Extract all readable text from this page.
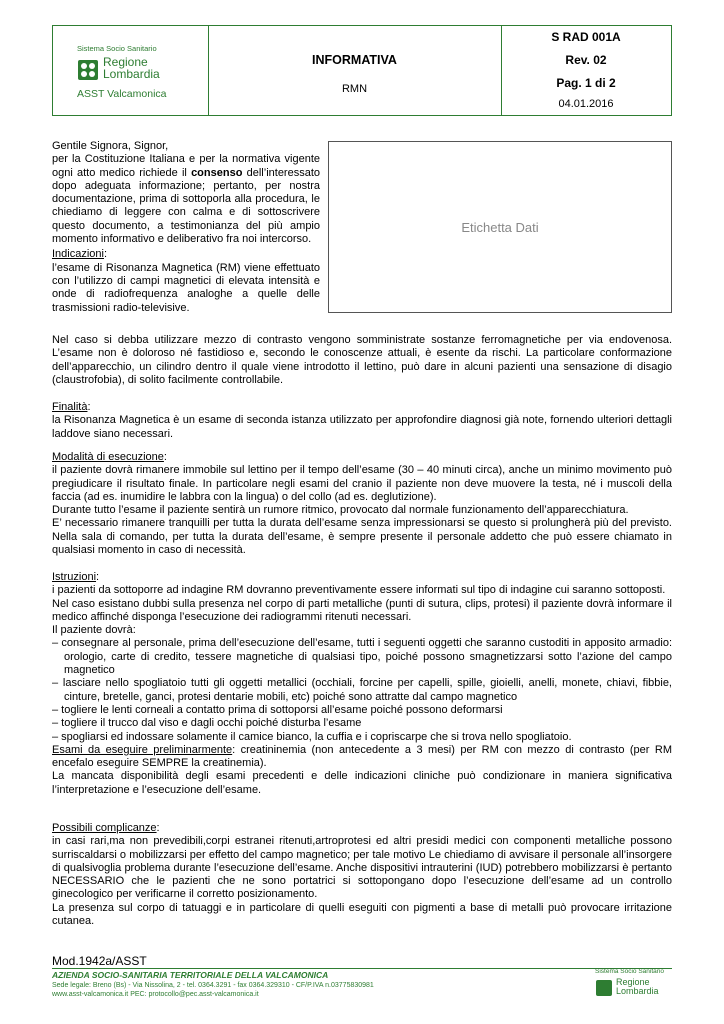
Sistema Socio Sanitario
Regione
Lombardia
ASST Valcamonica
INFORMATIVA
RMN
S RAD 001A
Rev. 02
Pag. 1 di 2
04.01.2016
Etichetta Dati

Gentile Signora, Signor,

per la Costituzione Italiana e per la normativa vigente ogni atto medico richiede il consenso dell’interessato dopo adeguata informazione; pertanto, per nostra documentazione, prima di sottoporla alla procedura, le chiediamo di leggere con calma e di sottoscrivere questo documento, a testimonianza del più ampio momento informativo e deliberativo fra noi intercorso.

Indicazioni:

l’esame di Risonanza Magnetica (RM) viene effettuato con l’utilizzo di campi magnetici di elevata intensità e onde di radiofrequenza analoghe a quelle delle trasmissioni radio-televisive.

Nel caso si debba utilizzare mezzo di contrasto vengono somministrate sostanze ferromagnetiche per via endovenosa. L’esame non è doloroso né fastidioso e, secondo le conoscenze attuali, è esente da rischi. La particolare conformazione dell’apparecchio, un cilindro dentro il quale viene introdotto il lettino, può dare in alcuni pazienti una sensazione di disagio (claustrofobia), di solito facilmente controllabile.

Finalità:

la Risonanza Magnetica è un esame di seconda istanza utilizzato per approfondire diagnosi già note, fornendo ulteriori dettagli laddove siano necessari.

Modalità di esecuzione:

il paziente dovrà rimanere immobile sul lettino per il tempo dell’esame (30 – 40 minuti circa), anche un minimo movimento può pregiudicare il risultato finale. In particolare negli esami del cranio il paziente non deve muovere la testa, né i muscoli della faccia (ad es. inumidire le labbra con la lingua) o del collo (ad es. deglutizione).

Durante tutto l’esame il paziente sentirà un rumore ritmico, provocato dal normale funzionamento dell’apparecchiatura.

E’ necessario rimanere tranquilli per tutta la durata dell’esame senza impressionarsi se questo si prolungherà più del previsto. Nella sala di comando, per tutta la durata dell’esame, è sempre presente il personale addetto che può essere chiamato in qualsiasi momento in caso di necessità.

Istruzioni:

i pazienti da sottoporre ad indagine RM dovranno preventivamente essere informati sul tipo di indagine cui saranno sottoposti.

Nel caso esistano dubbi sulla presenza nel corpo di parti metalliche (punti di sutura, clips, protesi) il paziente dovrà informare il medico affinché disponga l’esecuzione dei radiogrammi ritenuti necessari.

Il paziente dovrà:

– consegnare al personale, prima dell’esecuzione dell’esame, tutti i seguenti oggetti che saranno custoditi in apposito armadio: orologio, carte di credito, tessere magnetiche di qualsiasi tipo, poiché possono smagnetizzarsi sotto l’azione del campo magnetico

– lasciare nello spogliatoio tutti gli oggetti metallici (occhiali, forcine per capelli, spille, gioielli, anelli, monete, chiavi, fibbie, cinture, bretelle, ganci, protesi dentarie mobili, etc) poiché sono attratte dal campo magnetico

– togliere le lenti corneali a contatto prima di sottoporsi all’esame poiché possono deformarsi

– togliere il trucco dal viso e dagli occhi poiché disturba l’esame

– spogliarsi ed indossare solamente il camice bianco, la cuffia e i copriscarpe che si trova nello spogliatoio.

Esami da eseguire preliminarmente: creatininemia (non antecedente a 3 mesi) per RM con mezzo di contrasto (per RM encefalo eseguire SEMPRE la creatinemia).

La mancata disponibilità degli esami precedenti e delle indicazioni cliniche può condizionare in maniera significativa l’interpretazione e l’esecuzione dell’esame.

Possibili complicanze:

in casi rari,ma non prevedibili,corpi estranei ritenuti,artroprotesi ed altri presidi medici con componenti metalliche possono surriscaldarsi o mobilizzarsi per effetto del campo magnetico; per tale motivo Le chiediamo di avvisare il personale all’insorgere di qualsivoglia problema durante l’esecuzione dell’esame. Anche dispositivi intrauterini (IUD) potrebbero mobilizzarsi è pertanto NECESSARIO che le pazienti che ne sono portatrici si sottopongano dopo l’esecuzione dell’esame ad un controllo ginecologico per verificarne il corretto posizionamento.

La presenza sul corpo di tatuaggi e in particolare di quelli eseguiti con pigmenti a base di metalli può provocare irritazione cutanea.

Mod.1942a/ASST
AZIENDA SOCIO-SANITARIA TERRITORIALE DELLA VALCAMONICA
Sede legale: Breno (Bs) - Via Nissolina, 2 - tel. 0364.3291 - fax 0364.329310 - CF/P.IVA n.03775830981
www.asst-valcamonica.it PEC: protocollo@pec.asst-valcamonica.it
Sistema Socio Sanitario
Regione
Lombardia
